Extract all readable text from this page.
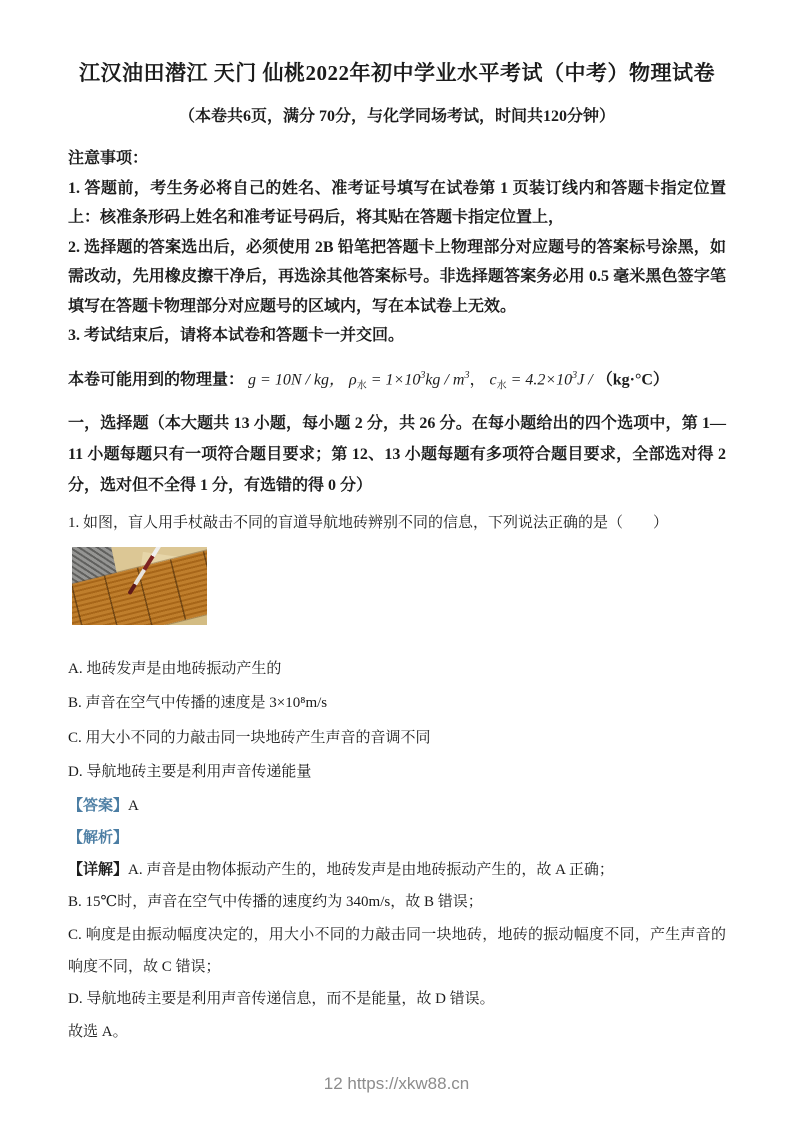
江汉油田潜江 天门 仙桃2022年初中学业水平考试（中考）物理试卷
（本卷共6页，满分 70分，与化学同场考试，时间共120分钟）

注意事项：

1. 答题前，考生务必将自己的姓名、准考证号填写在试卷第 1 页装订线内和答题卡指定位置上：核准条形码上姓名和准考证号码后，将其贴在答题卡指定位置上，

2. 选择题的答案选出后，必须使用 2B 铅笔把答题卡上物理部分对应题号的答案标号涂黑，如需改动，先用橡皮擦干净后，再选涂其他答案标号。非选择题答案务必用 0.5 毫米黑色签字笔填写在答题卡物理部分对应题号的区域内，写在本试卷上无效。

3. 考试结束后，请将本试卷和答题卡一并交回。

本卷可能用到的物理量： g = 10N / kg， $\rho_水 = 1\times 10^3kg / m^3$， $c_水 = 4.2\times 10^3J / (kg\cdot^\circ C)$

一，选择题（本大题共 13 小题，每小题 2 分，共 26 分。在每小题给出的四个选项中，第 1—11 小题每题只有一项符合题目要求；第 12、13 小题每题有多项符合题目要求，全部选对得 2 分，选对但不全得 1 分，有选错的得 0 分）

1. 如图，盲人用手杖敲击不同的盲道导航地砖辨别不同的信息，下列说法正确的是（　　）

A. 地砖发声是由地砖振动产生的

B. 声音在空气中传播的速度是 3×10⁸m/s

C. 用大小不同的力敲击同一块地砖产生声音的音调不同

D. 导航地砖主要是利用声音传递能量

【答案】A

【解析】

【详解】A. 声音是由物体振动产生的，地砖发声是由地砖振动产生的，故 A 正确；

B. 15℃时，声音在空气中传播的速度约为 340m/s，故 B 错误；

C. 响度是由振动幅度决定的，用大小不同的力敲击同一块地砖，地砖的振动幅度不同，产生声音的响度不同，故 C 错误；

D. 导航地砖主要是利用声音传递信息，而不是能量，故 D 错误。

故选 A。

12 https://xkw88.cn
